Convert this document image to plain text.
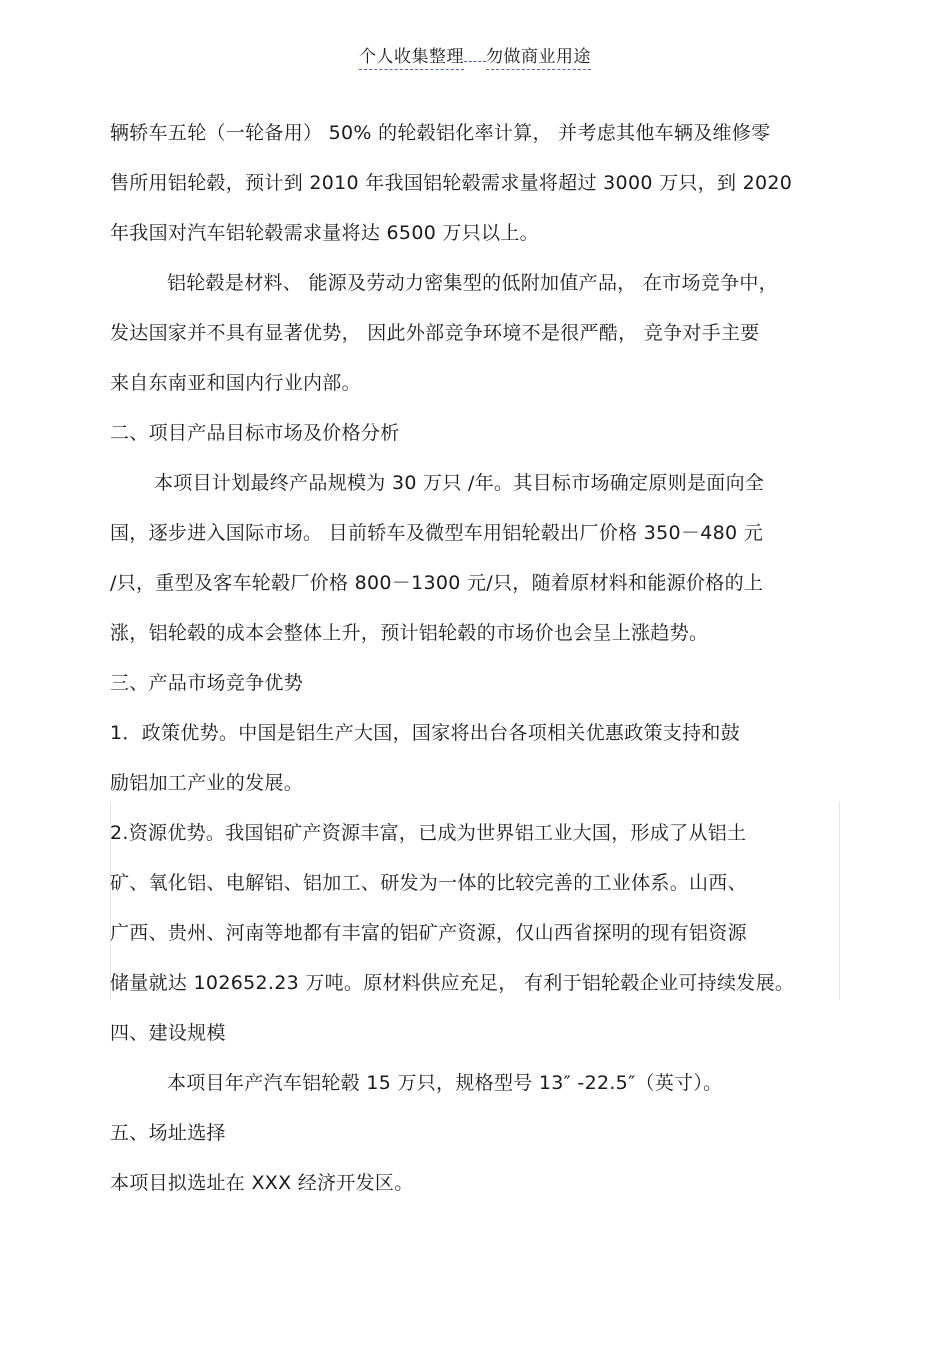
个人收集整理 勿做商业用途
辆轿车五轮（一轮备用） 50% 的轮毂铝化率计算， 并考虑其他车辆及维修零
售所用铝轮毂，预计到 2010 年我国铝轮毂需求量将超过 3000 万只，到 2020
年我国对汽车铝轮毂需求量将达 6500 万只以上。
铝轮毂是材料、 能源及劳动力密集型的低附加值产品， 在市场竞争中，
发达国家并不具有显著优势， 因此外部竞争环境不是很严酷， 竞争对手主要
来自东南亚和国内行业内部。
二、项目产品目标市场及价格分析
本项目计划最终产品规模为 30 万只 /年。其目标市场确定原则是面向全
国，逐步进入国际市场。 目前轿车及微型车用铝轮毂出厂价格 350－480 元
/只，重型及客车轮毂厂价格 800－1300 元/只，随着原材料和能源价格的上
涨，铝轮毂的成本会整体上升，预计铝轮毂的市场价也会呈上涨趋势。
三、产品市场竞争优势
1．政策优势。中国是铝生产大国，国家将出台各项相关优惠政策支持和鼓
励铝加工产业的发展。
2.资源优势。我国铝矿产资源丰富，已成为世界铝工业大国，形成了从铝土
矿、氧化铝、电解铝、铝加工、研发为一体的比较完善的工业体系。山西、
广西、贵州、河南等地都有丰富的铝矿产资源，仅山西省探明的现有铝资源
储量就达 102652.23 万吨。原材料供应充足， 有利于铝轮毂企业可持续发展。
四、建设规模
本项目年产汽车铝轮毂 15 万只，规格型号 13″ -22.5″（英寸）。
五、场址选择
本项目拟选址在 XXX 经济开发区。
